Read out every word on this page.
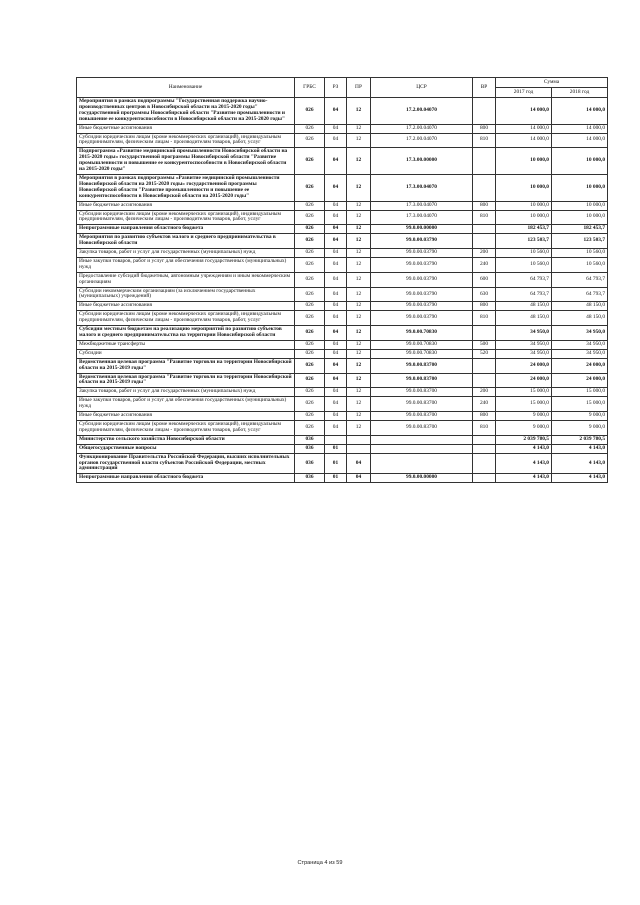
Наименование	ГРБС	РЗ	ПР	ЦСР	ВР	Сумма	
						2017 год	2018 год
Мероприятия в рамках подпрограммы "Государственная поддержка научно-производственных центров в Новосибирской области на 2015-2020 годы" государственной программы Новосибирской области "Развитие промышленности и повышение ее конкурентоспособности в Новосибирской области на 2015-2020 годы"	026	04	12	17.2.00.04070		14 000,0	14 000,0
Иные бюджетные ассигнования	026	04	12	17.2.00.04070	800	14 000,0	14 000,0
Субсидии юридическим лицам (кроме некоммерческих организаций), индивидуальным предпринимателям, физическим лицам - производителям товаров, работ, услуг	026	04	12	17.2.00.04070	810	14 000,0	14 000,0
Подпрограмма «Развитие медицинской промышленности Новосибирской области на 2015-2020 годы» государственной программы Новосибирской области "Развитие промышленности и повышение ее конкурентоспособности в Новосибирской области на 2015-2020 годы"	026	04	12	17.3.00.00000		10 000,0	10 000,0
Мероприятия в рамках подпрограммы «Развитие медицинской промышленности Новосибирской области на 2015-2020 годы» государственной программы Новосибирской области "Развитие промышленности и повышение ее конкурентоспособности в Новосибирской области на 2015-2020 годы"	026	04	12	17.3.00.04070		10 000,0	10 000,0
Иные бюджетные ассигнования	026	04	12	17.3.00.04070	800	10 000,0	10 000,0
Субсидии юридическим лицам (кроме некоммерческих организаций), индивидуальным предпринимателям, физическим лицам - производителям товаров, работ, услуг	026	04	12	17.3.00.04070	810	10 000,0	10 000,0
Непрограммные направления областного бюджета	026	04	12	99.0.00.00000		182 453,7	182 453,7
Мероприятия по развитию субъектов малого и среднего предпринимательства в Новосибирской области	026	04	12	99.0.00.03790		123 503,7	123 503,7
Закупка товаров, работ и услуг для государственных (муниципальных) нужд	026	04	12	99.0.00.03790	200	10 560,0	10 560,0
Иные закупки товаров, работ и услуг для обеспечения государственных (муниципальных) нужд	026	04	12	99.0.00.03790	240	10 560,0	10 560,0
Предоставление субсидий бюджетным, автономным учреждениям и иным некоммерческим организациям	026	04	12	99.0.00.03790	600	64 793,7	64 793,7
Субсидии некоммерческим организациям (за исключением государственных (муниципальных) учреждений)	026	04	12	99.0.00.03790	630	64 793,7	64 793,7
Иные бюджетные ассигнования	026	04	12	99.0.00.03790	800	48 150,0	48 150,0
Субсидии юридическим лицам (кроме некоммерческих организаций), индивидуальным предпринимателям, физическим лицам - производителям товаров, работ, услуг	026	04	12	99.0.00.03790	810	48 150,0	48 150,0
Субсидии местным бюджетам на реализацию мероприятий по развитию субъектов малого и среднего предпринимательства на территории Новосибирской области	026	04	12	99.0.00.70830		34 950,0	34 950,0
Межбюджетные трансферты	026	04	12	99.0.00.70830	500	34 950,0	34 950,0
Субсидии	026	04	12	99.0.00.70830	520	34 950,0	34 950,0
Ведомственная целевая программа "Развитие торговли на территории Новосибирской области на 2015-2019 годы"	026	04	12	99.0.00.83700		24 000,0	24 000,0
Ведомственная целевая программа "Развитие торговли на территории Новосибирской области на 2015-2019 годы"	026	04	12	99.0.00.83700		24 000,0	24 000,0
Закупка товаров, работ и услуг для государственных (муниципальных) нужд	026	04	12	99.0.00.83700	200	15 000,0	15 000,0
Иные закупки товаров, работ и услуг для обеспечения государственных (муниципальных) нужд	026	04	12	99.0.00.83700	240	15 000,0	15 000,0
Иные бюджетные ассигнования	026	04	12	99.0.00.83700	800	9 000,0	9 000,0
Субсидии юридическим лицам (кроме некоммерческих организаций), индивидуальным предпринимателям, физическим лицам - производителям товаров, работ, услуг	026	04	12	99.0.00.83700	810	9 000,0	9 000,0
Министерство сельского хозяйства Новосибирской области	036					2 039 780,5	2 039 780,5
Общегосударственные вопросы	036	01				4 143,0	4 143,0
Функционирование Правительства Российской Федерации, высших исполнительных органов государственной власти субъектов Российской Федерации, местных администраций	036	01	04			4 143,0	4 143,0
Непрограммные направления областного бюджета	036	01	04	99.0.00.00000		4 143,0	4 143,0
Страница 4 из 59
